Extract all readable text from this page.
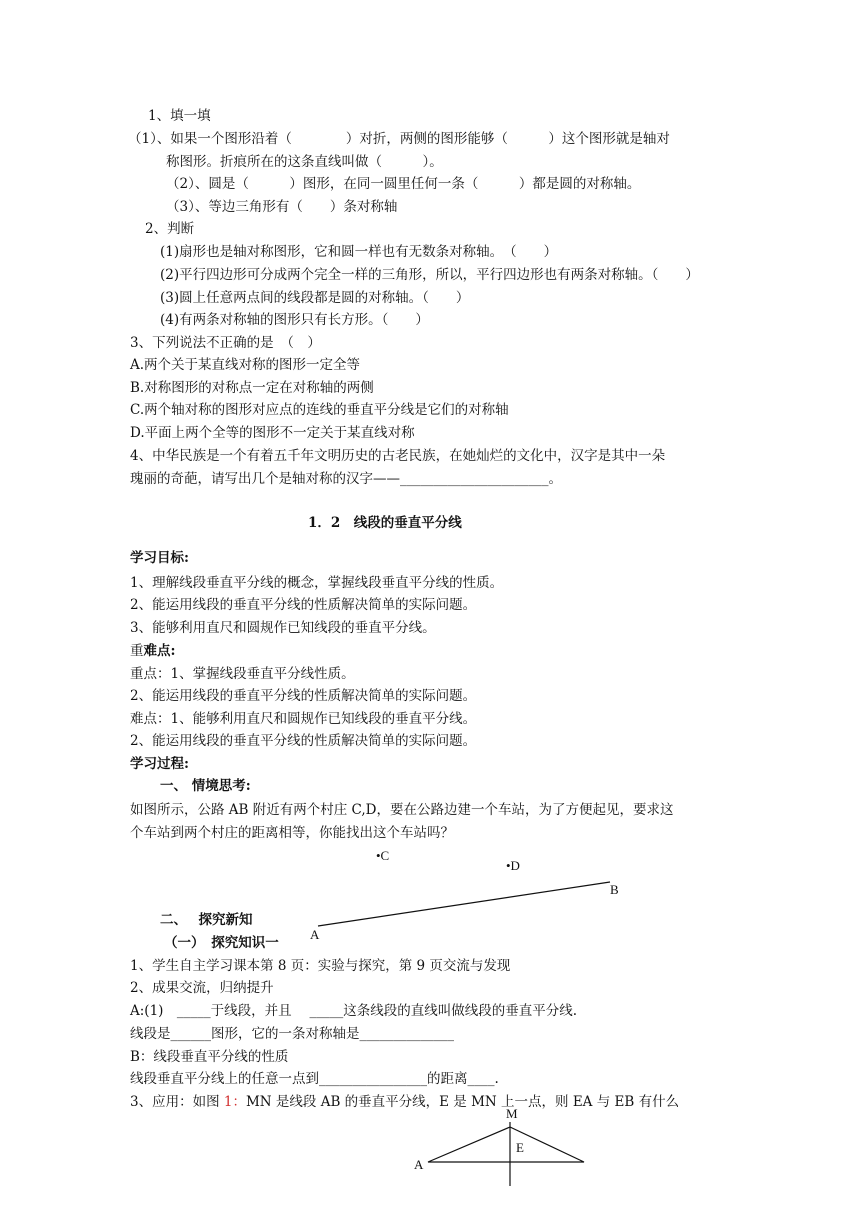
1、填一填
（1）、如果一个图形沿着（　　　　）对折，两侧的图形能够（　　　）这个图形就是轴对
称图形。折痕所在的这条直线叫做（　　　）。
（2）、圆是（　　　）图形，在同一圆里任何一条（　　　）都是圆的对称轴。
（3）、等边三角形有（　　）条对称轴
2、判断
(1)扇形也是轴对称图形，它和圆一样也有无数条对称轴。　（　　）
(2)平行四边形可分成两个完全一样的三角形，所以，平行四边形也有两条对称轴。（　　）
(3)圆上任意两点间的线段都是圆的对称轴。（　　）
(4)有两条对称轴的图形只有长方形。（　　）
3、下列说法不正确的是　（　）
A.两个关于某直线对称的图形一定全等
B.对称图形的对称点一定在对称轴的两侧
C.两个轴对称的图形对应点的连线的垂直平分线是它们的对称轴
D.平面上两个全等的图形不一定关于某直线对称
4、中华民族是一个有着五千年文明历史的古老民族，在她灿烂的文化中，汉字是其中一朵
瑰丽的奇葩，请写出几个是轴对称的汉字——______________________。
1．2　线段的垂直平分线
学习目标:
1、理解线段垂直平分线的概念，掌握线段垂直平分线的性质。
2、能运用线段的垂直平分线的性质解决简单的实际问题。
3、能够利用直尺和圆规作已知线段的垂直平分线。
重难点:
重点：1、掌握线段垂直平分线性质。
2、能运用线段的垂直平分线的性质解决简单的实际问题。
难点：1、能够利用直尺和圆规作已知线段的垂直平分线。
2、能运用线段的垂直平分线的性质解决简单的实际问题。
学习过程:
一、 情境思考:
如图所示，公路 AB 附近有两个村庄 C,D，要在公路边建一个车站，为了方便起见，要求这
个车站到两个村庄的距离相等，你能找出这个车站吗？
•C
•D
B
A
二、　 探究新知
（一）　探究知识一
1、学生自主学习课本第 8 页：实验与探究，第 9 页交流与发现
2、成果交流，归纳提升
A:(1)　_____于线段，并且　 _____这条线段的直线叫做线段的垂直平分线.
线段是______图形，它的一条对称轴是______________
B：线段垂直平分线的性质
线段垂直平分线上的任意一点到________________的距离____.
3、应用：如图 1：MN 是线段 AB 的垂直平分线，E 是 MN 上一点，则 EA 与 EB 有什么
M
E
A
